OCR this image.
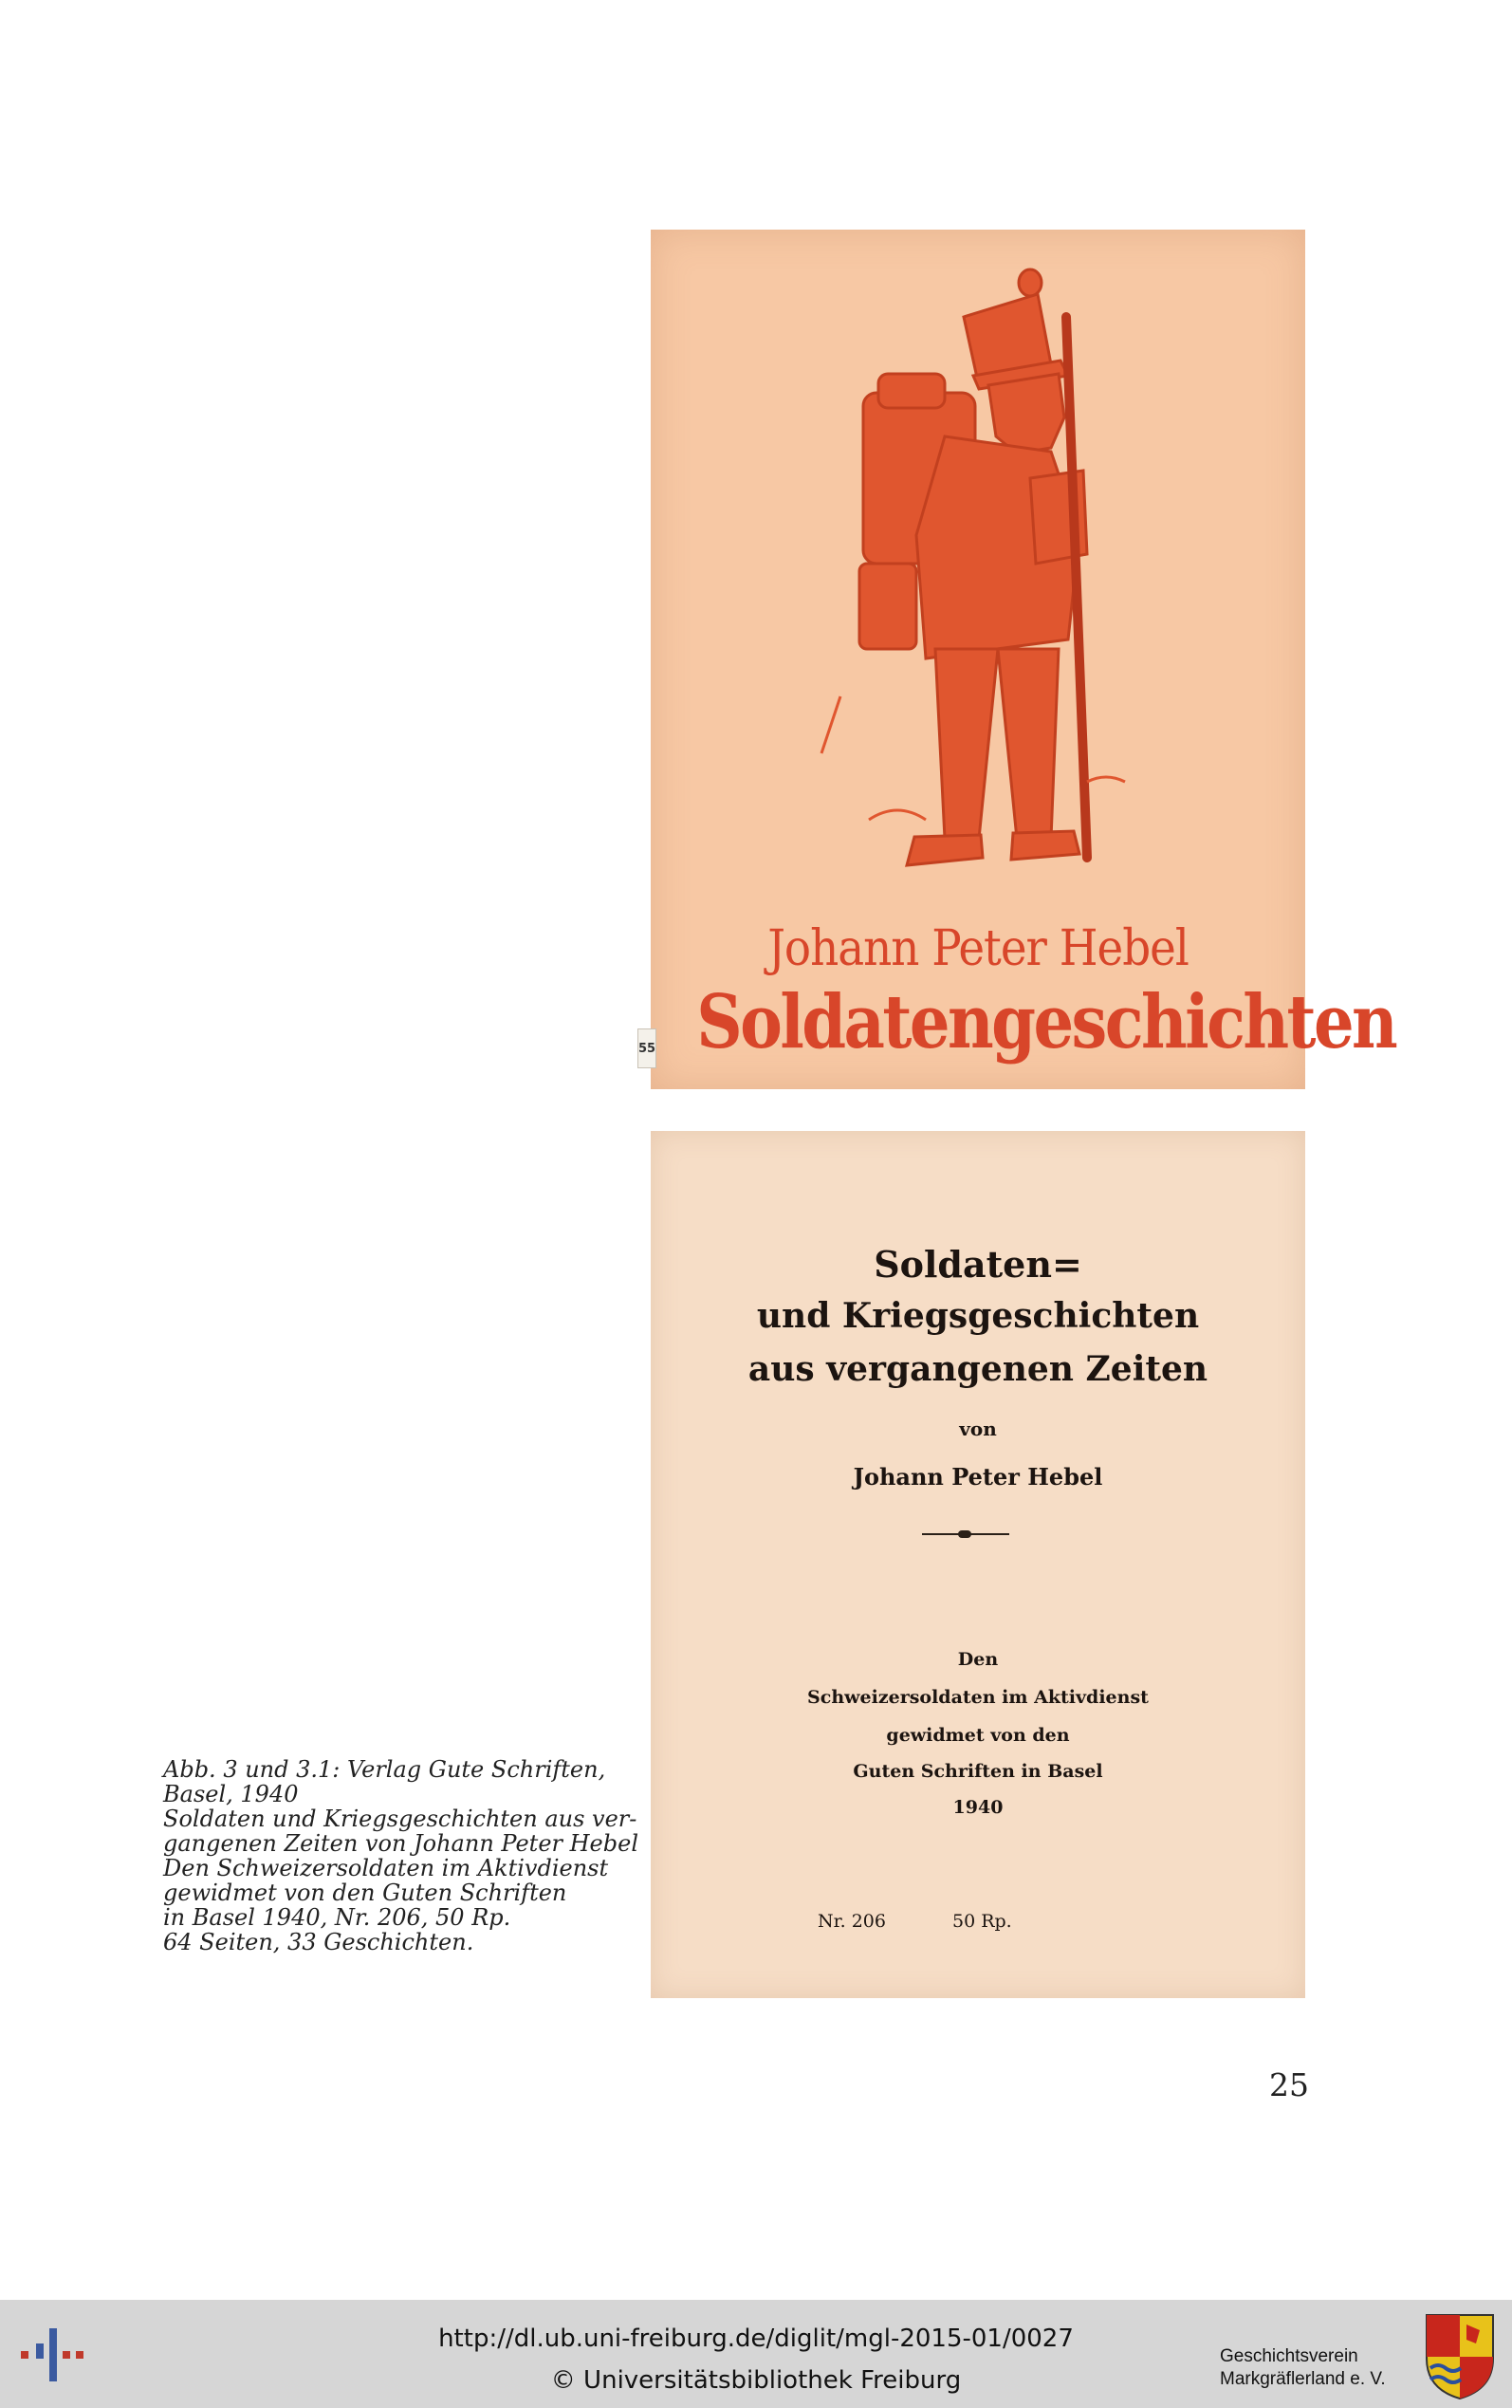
55
Johann Peter Hebel
Soldatengeschichten
Soldaten=
und Kriegsgeschichten
aus vergangenen Zeiten
von
Johann Peter Hebel
Den
Schweizersoldaten im Aktivdienst
gewidmet von den
Guten Schriften in Basel
1940
Nr. 206	50 Rp.
Abb. 3 und 3.1: Verlag Gute Schriften,
Basel, 1940
Soldaten und Kriegsgeschichten aus ver-
gangenen Zeiten von Johann Peter Hebel
Den Schweizersoldaten im Aktivdienst
gewidmet von den Guten Schriften
in Basel 1940, Nr. 206, 50 Rp.
64 Seiten, 33 Geschichten.
25
http://dl.ub.uni-freiburg.de/diglit/mgl-2015-01/0027
© Universitätsbibliothek Freiburg
Geschichtsverein
Markgräflerland e. V.
